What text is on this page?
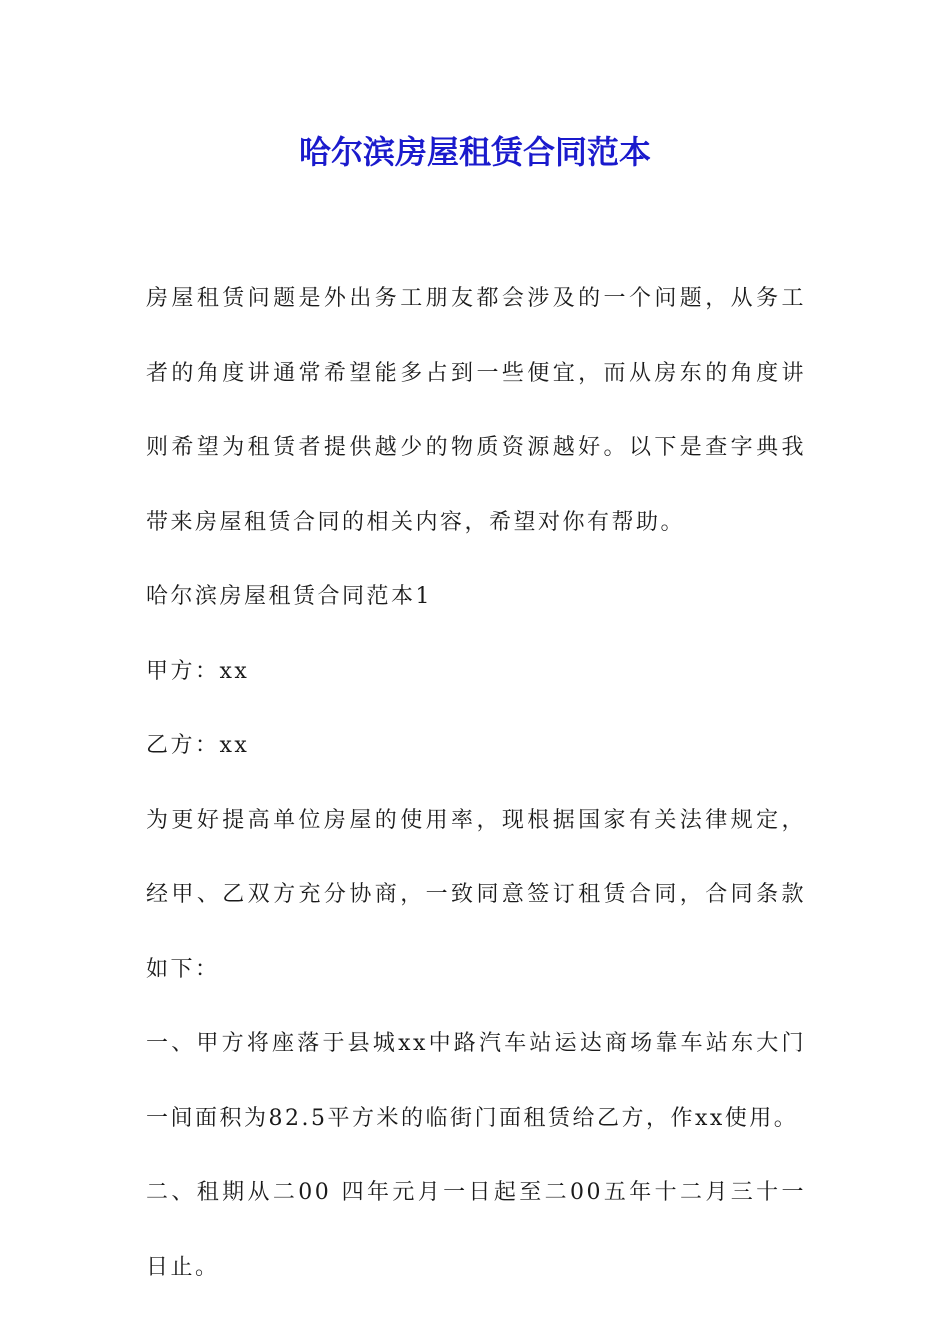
哈尔滨房屋租赁合同范本

房屋租赁问题是外出务工朋友都会涉及的一个问题，从务工者的角度讲通常希望能多占到一些便宜，而从房东的角度讲则希望为租赁者提供越少的物质资源越好。以下是查字典我带来房屋租赁合同的相关内容，希望对你有帮助。

哈尔滨房屋租赁合同范本1

甲方：xx

乙方：xx

为更好提高单位房屋的使用率，现根据国家有关法律规定，经甲、乙双方充分协商，一致同意签订租赁合同，合同条款如下：

一、甲方将座落于县城xx中路汽车站运达商场靠车站东大门一间面积为82.5平方米的临街门面租赁给乙方，作xx使用。

二、租期从二00 四年元月一日起至二00五年十二月三十一日止。
